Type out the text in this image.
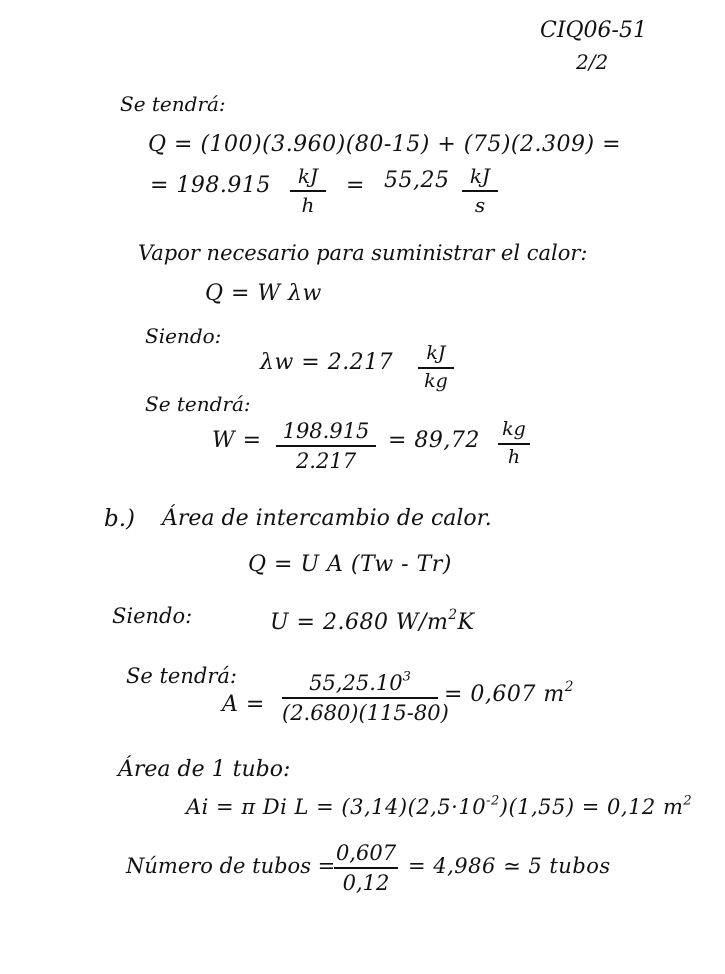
CIQ06-51
2/2
Se tendrá:
Q = (100)(3.960)(80-15) + (75)(2.309) =
= 198.915	kJ
h
= 55,25	kJ
s
Vapor necesario para suministrar el calor:
Q = W λw
Siendo:
λw = 2.217	kJ
kg
Se tendrá:
W =	198.915
2.217
= 89,72 kg
h
b.) Área de intercambio de calor.
Q = U A (Tw - Tr)
Siendo:	U = 2.680 $W/m^2K$
Se tendrá:
A =
$55,25.10^3$
(2.680)(115-80)
= 0,607 $m^2$
Área de 1 tubo:
Ai = π Di $L = (3,14)(2,5\cdot 10^{-2})(1,55) = 0,12$ $m^2$
Número de tubos =
0,607
0,12
= 4,986 ≃ 5 tubos
